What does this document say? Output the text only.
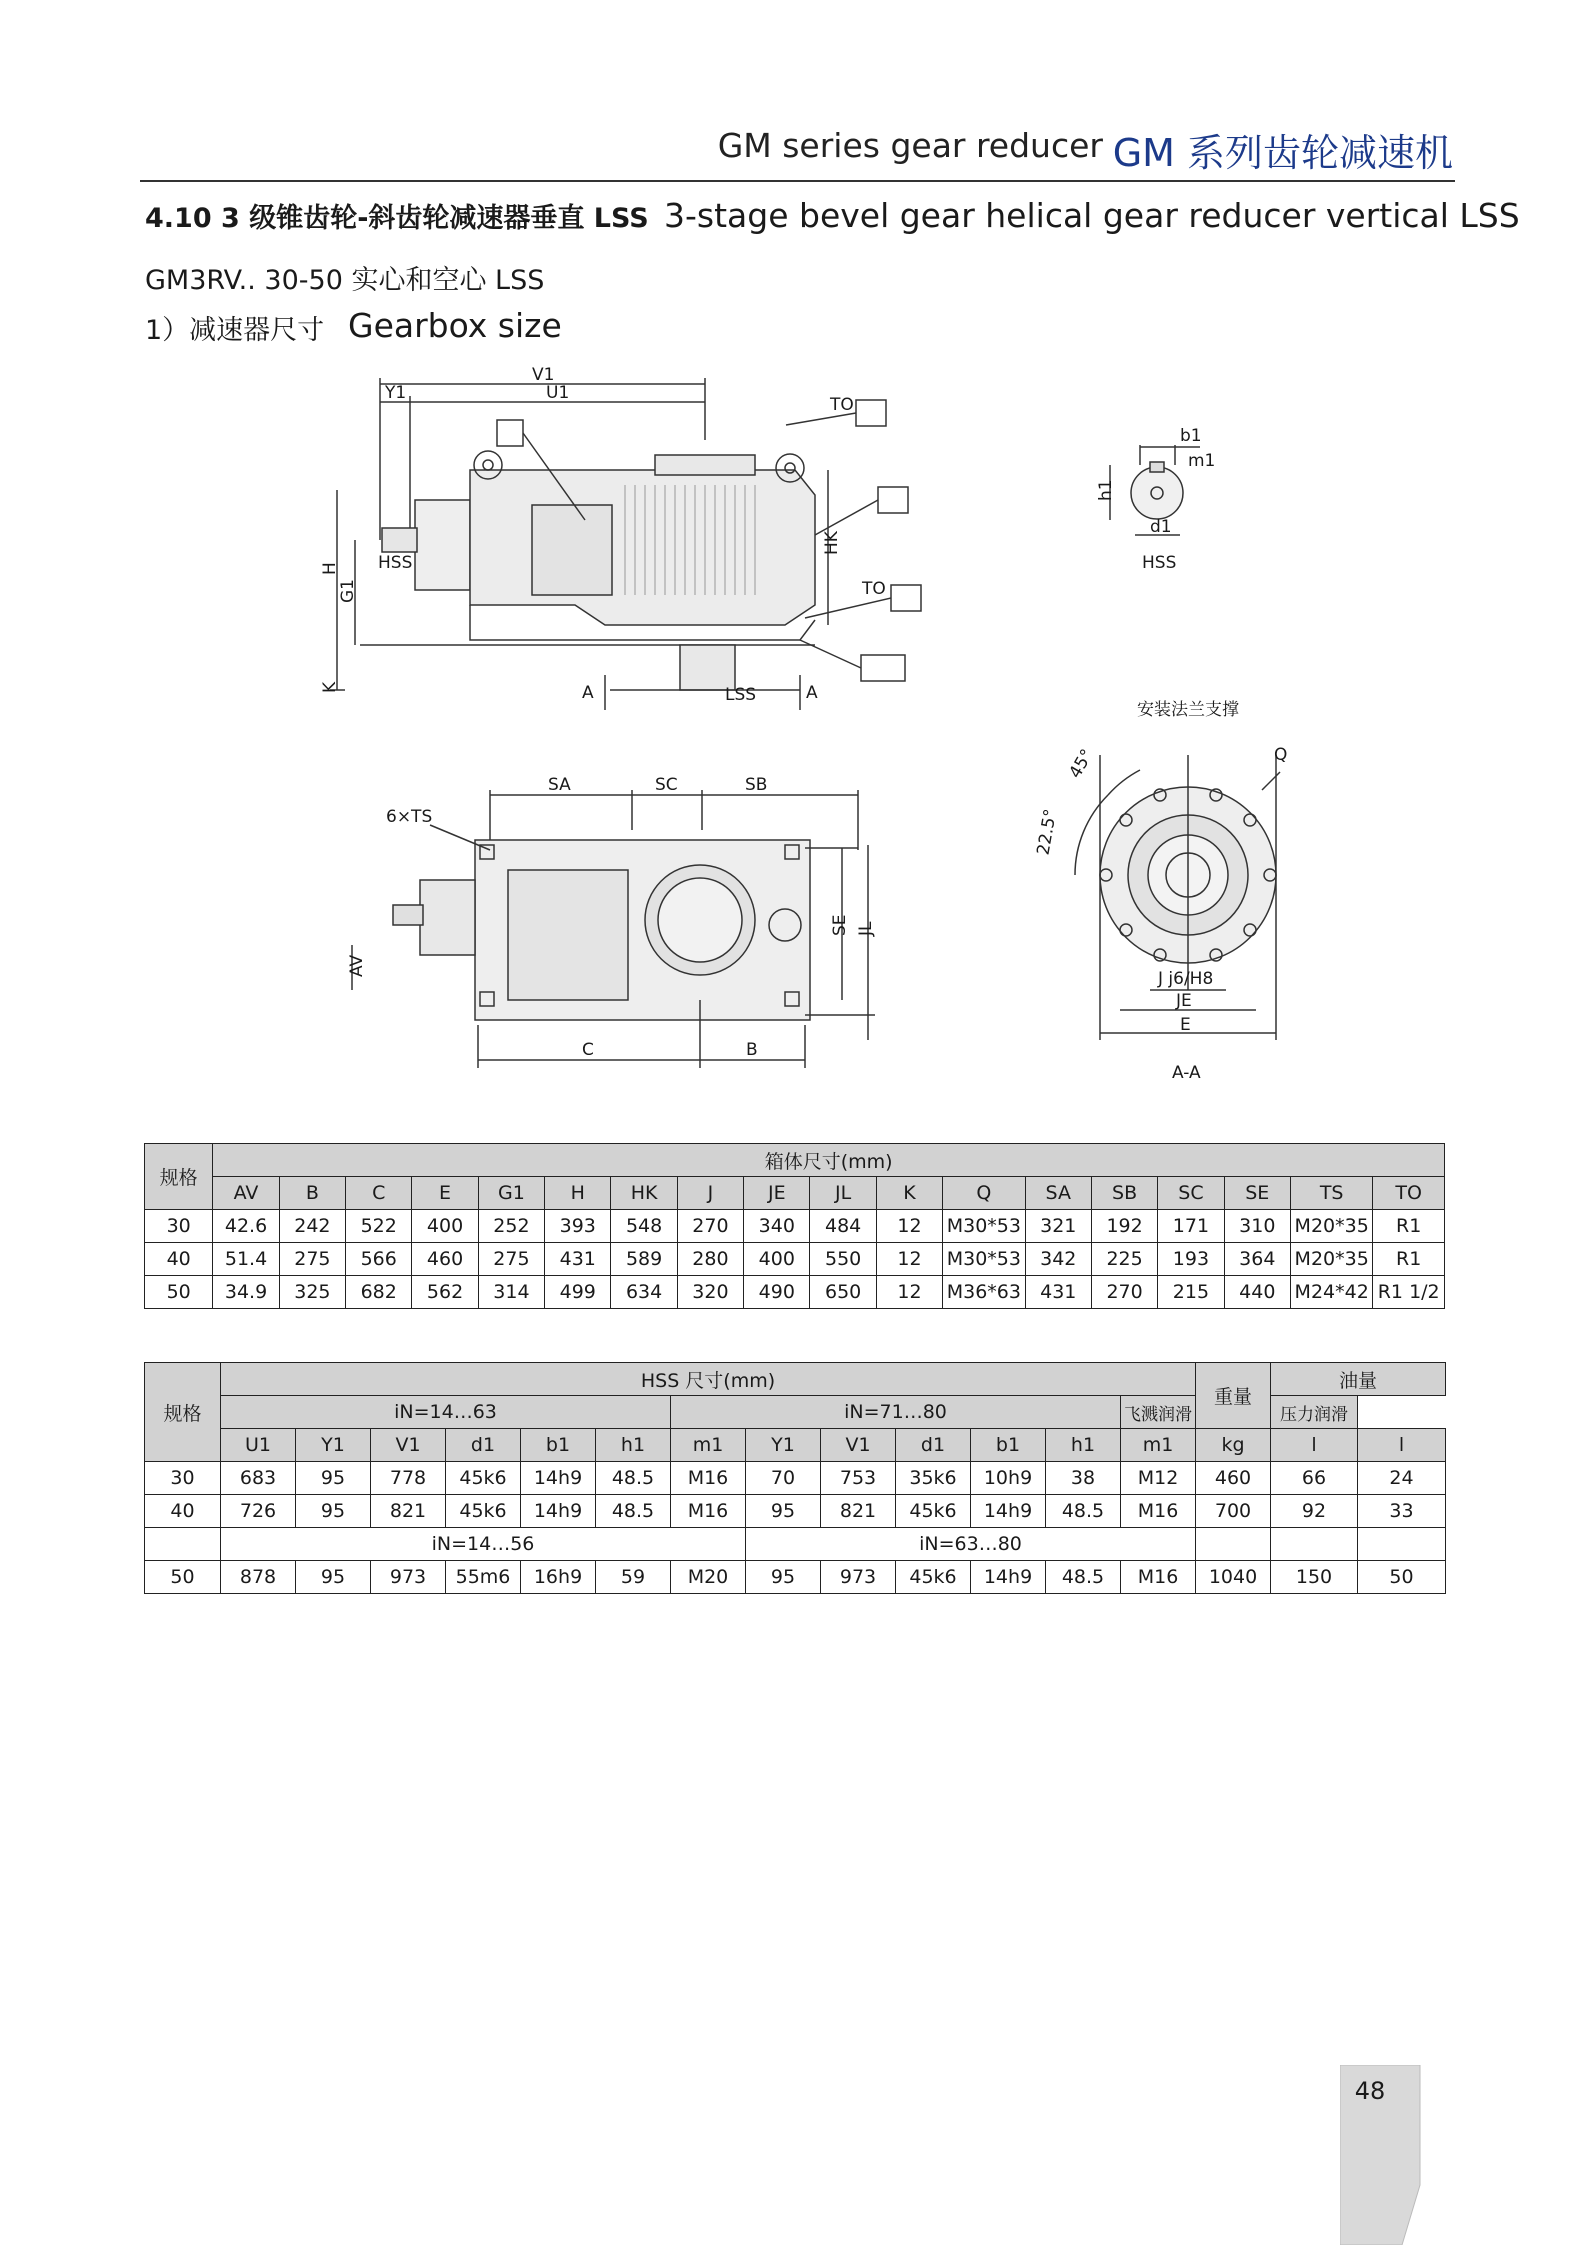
GM series gear reducer GM 系列齿轮减速机
4.10 3 级锥齿轮-斜齿轮减速器垂直 LSS 3-stage bevel gear helical gear reducer vertical LSS
GM3RV.. 30-50 实心和空心 LSS
1）减速器尺寸 Gearbox size
V1
Y1	U1
TO
TO
HSS
H
G1
K
HK
A	A
LSS
b1
m1
h1
d1
HSS
SA	SC	SB
6×TS
AV
SE JL
C	B
安装法兰支撑
Q
45°
22.5°
J j6/H8
JE
E
A-A
规格	箱体尺寸(mm)																	
	AV	B	C	E	G1	H	HK	J	JE	JL	K	Q	SA	SB	SC	SE	TS	TO
30	42.6	242	522	400	252	393	548	270	340	484	12	M30*53	321	192	171	310	M20*35	R1
40	51.4	275	566	460	275	431	589	280	400	550	12	M30*53	342	225	193	364	M20*35	R1
50	34.9	325	682	562	314	499	634	320	490	650	12	M36*63	431	270	215	440	M24*42	R1 1/2
规格	HSS 尺寸(mm)													重量	油量	
	iN=14…63						iN=71…80						飞溅润滑		压力润滑	
	U1	Y1	V1	d1	b1	h1	m1	Y1	V1	d1	b1	h1	m1	kg	l	l
30	683	95	778	45k6	14h9	48.5	M16	70	753	35k6	10h9	38	M12	460	66	24
40	726	95	821	45k6	14h9	48.5	M16	95	821	45k6	14h9	48.5	M16	700	92	33
	iN=14…56							iN=63…80								
50	878	95	973	55m6	16h9	59	M20	95	973	45k6	14h9	48.5	M16	1040	150	50
48
